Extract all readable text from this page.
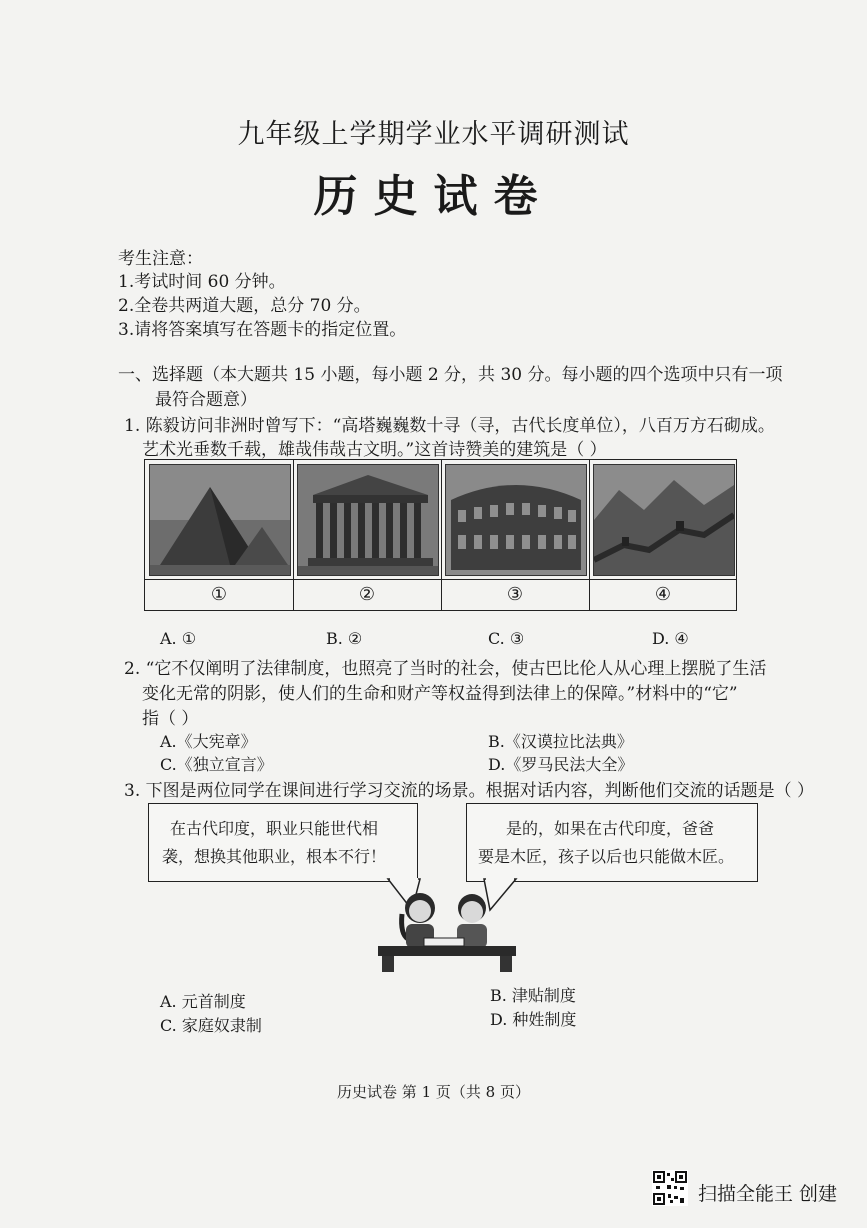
九年级上学期学业水平调研测试
历史试卷
考生注意：
1.考试时间 60 分钟。
2.全卷共两道大题，总分 70 分。
3.请将答案填写在答题卡的指定位置。
一、选择题（本大题共 15 小题，每小题 2 分，共 30 分。每小题的四个选项中只有一项
最符合题意）
1. 陈毅访问非洲时曾写下：“高塔巍巍数十寻（寻，古代长度单位），八百万方石砌成。
艺术光垂数千载，雄哉伟哉古文明。”这首诗赞美的建筑是（ ）
①	②	③	④
A. ①	B. ②	C. ③	D. ④
2. “它不仅阐明了法律制度，也照亮了当时的社会，使古巴比伦人从心理上摆脱了生活
变化无常的阴影，使人们的生命和财产等权益得到法律上的保障。”材料中的“它”
指（ ）
A.《大宪章》	B.《汉谟拉比法典》
C.《独立宣言》	D.《罗马民法大全》
3. 下图是两位同学在课间进行学习交流的场景。根据对话内容，判断他们交流的话题是（ ）
在古代印度，职业只能世代相
袭，想换其他职业，根本不行！
是的，如果在古代印度，爸爸
要是木匠，孩子以后也只能做木匠。
A. 元首制度	B. 津贴制度
C. 家庭奴隶制	D. 种姓制度
历史试卷 第 1 页（共 8 页）
扫描全能王 创建
